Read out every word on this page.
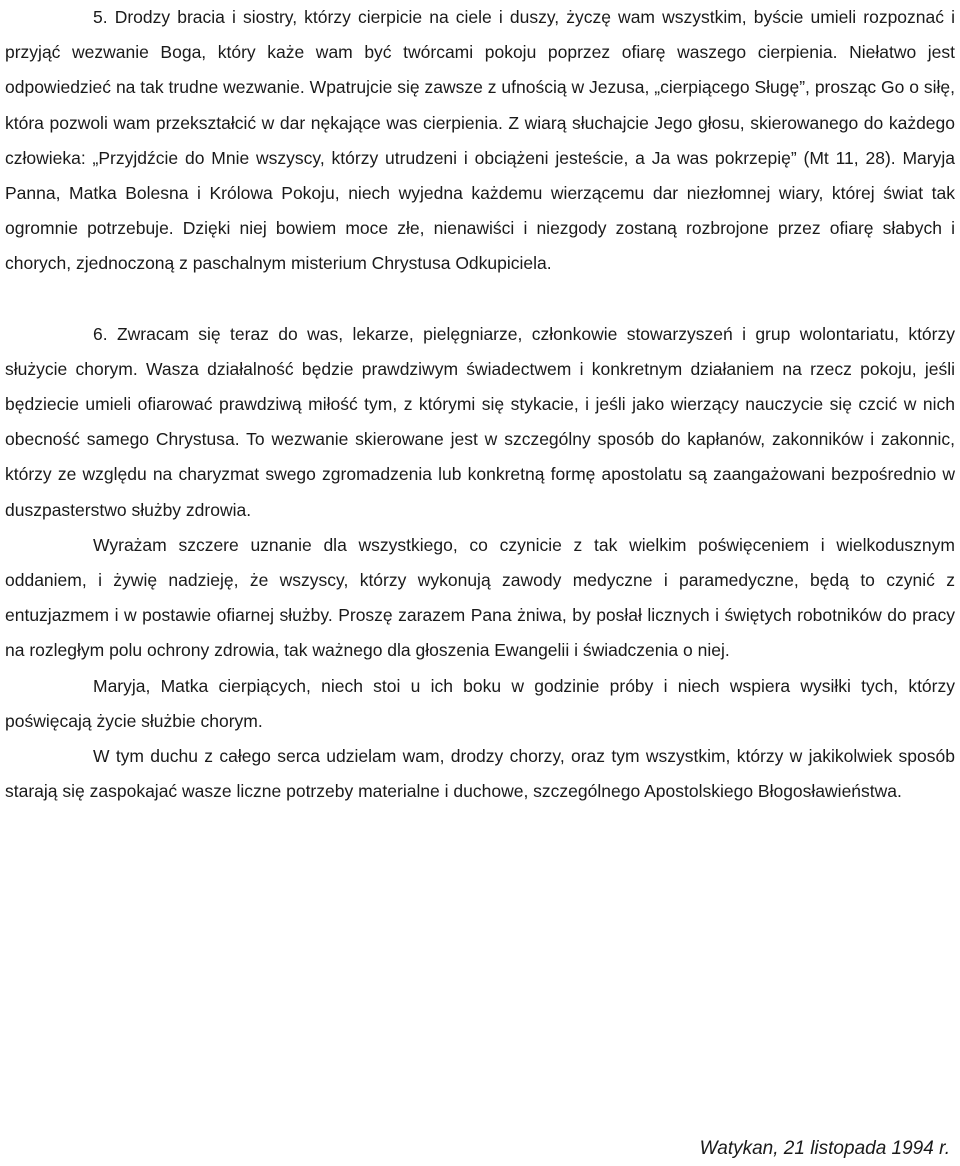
5. Drodzy bracia i siostry, którzy cierpicie na ciele i duszy, życzę wam wszystkim, byście umieli rozpoznać i przyjąć wezwanie Boga, który każe wam być twórcami pokoju poprzez ofiarę waszego cierpienia. Niełatwo jest odpowiedzieć na tak trudne wezwanie. Wpatrujcie się zawsze z ufnością w Jezusa, „cierpiącego Sługę”, prosząc Go o siłę, która pozwoli wam przekształcić w dar nękające was cierpienia. Z wiarą słuchajcie Jego głosu, skierowanego do każdego człowieka: „Przyjdźcie do Mnie wszyscy, którzy utrudzeni i obciążeni jesteście, a Ja was pokrzepię” (Mt 11, 28). Maryja Panna, Matka Bolesna i Królowa Pokoju, niech wyjedna każdemu wierzącemu dar niezłomnej wiary, której świat tak ogromnie potrzebuje. Dzięki niej bowiem moce złe, nienawiści i niezgody zostaną rozbrojone przez ofiarę słabych i chorych, zjednoczoną z paschalnym misterium Chrystusa Odkupiciela.

6. Zwracam się teraz do was, lekarze, pielęgniarze, członkowie stowarzyszeń i grup wolontariatu, którzy służycie chorym. Wasza działalność będzie prawdziwym świadectwem i konkretnym działaniem na rzecz pokoju, jeśli będziecie umieli ofiarować prawdziwą miłość tym, z którymi się stykacie, i jeśli jako wierzący nauczycie się czcić w nich obecność samego Chrystusa. To wezwanie skierowane jest w szczególny sposób do kapłanów, zakonników i zakonnic, którzy ze względu na charyzmat swego zgromadzenia lub konkretną formę apostolatu są zaangażowani bezpośrednio w duszpasterstwo służby zdrowia.

Wyrażam szczere uznanie dla wszystkiego, co czynicie z tak wielkim poświęceniem i wielkodusznym oddaniem, i żywię nadzieję, że wszyscy, którzy wykonują zawody medyczne i paramedyczne, będą to czynić z entuzjazmem i w postawie ofiarnej służby. Proszę zarazem Pana żniwa, by posłał licznych i świętych robotników do pracy na rozległym polu ochrony zdrowia, tak ważnego dla głoszenia Ewangelii i świadczenia o niej.

Maryja, Matka cierpiących, niech stoi u ich boku w godzinie próby i niech wspiera wysiłki tych, którzy poświęcają życie służbie chorym.

W tym duchu z całego serca udzielam wam, drodzy chorzy, oraz tym wszystkim, którzy w jakikolwiek sposób starają się zaspokajać wasze liczne potrzeby materialne i duchowe, szczególnego Apostolskiego Błogosławieństwa.

Watykan, 21 listopada 1994 r.
